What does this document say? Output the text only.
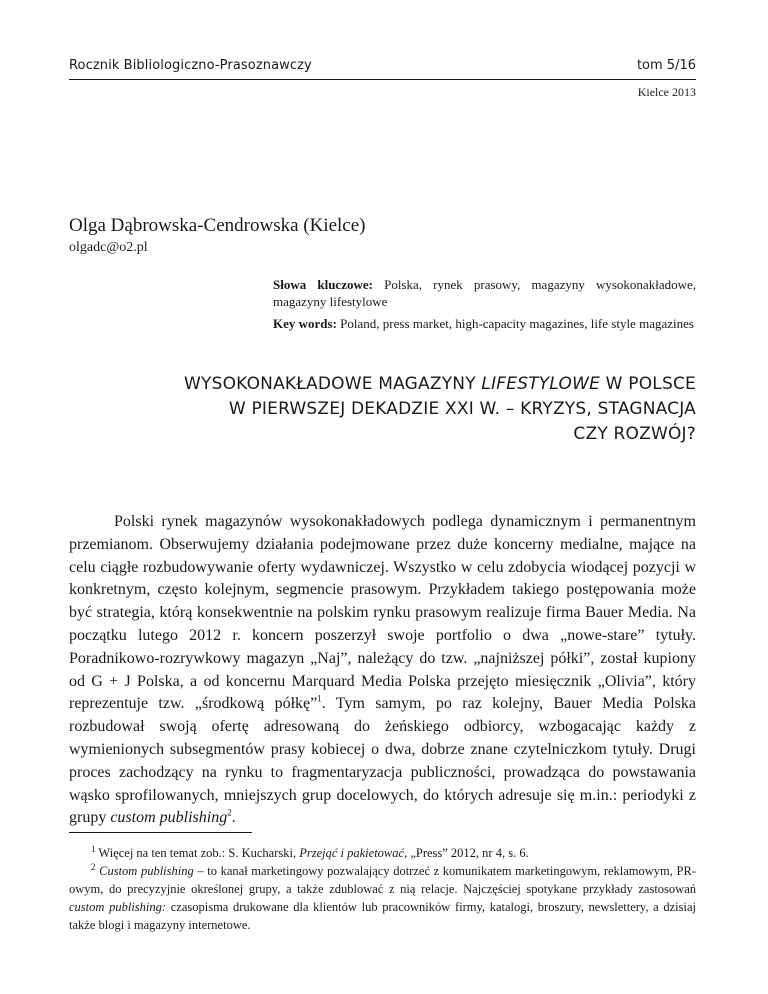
Rocznik Bibliologiczno-Prasoznawczy	tom 5/16
Kielce 2013
Olga Dąbrowska-Cendrowska (Kielce)
olgadc@o2.pl
Słowa kluczowe: Polska, rynek prasowy, magazyny wysokonakładowe, magazyny lifestylowe
Key words: Poland, press market, high-capacity magazines, life style magazines
WYSOKONAKŁADOWE MAGAZYNY LIFESTYLOWE W POLSCE
W PIERWSZEJ DEKADZIE XXI W. – KRYZYS, STAGNACJA
CZY ROZWÓJ?

Polski rynek magazynów wysokonakładowych podlega dynamicznym i permanentnym przemianom. Obserwujemy działania podejmowane przez duże koncerny medialne, mające na celu ciągłe rozbudowywanie oferty wydawniczej. Wszystko w celu zdobycia wiodącej pozycji w konkretnym, często kolejnym, segmencie prasowym. Przykładem takiego postępowania może być strategia, którą konsekwentnie na polskim rynku prasowym realizuje firma Bauer Media. Na początku lutego 2012 r. koncern poszerzył swoje portfolio o dwa „nowe-stare” tytuły. Poradnikowo-rozrywkowy magazyn „Naj”, należący do tzw. „najniższej półki”, został kupiony od G + J Polska, a od koncernu Marquard Media Polska przejęto miesięcznik „Olivia”, który reprezentuje tzw. „środkową półkę”$^1$. Tym samym, po raz kolejny, Bauer Media Polska rozbudował swoją ofertę adresowaną do żeńskiego odbiorcy, wzbogacając każdy z wymienionych subsegmentów prasy kobiecej o dwa, dobrze znane czytelniczkom tytuły. Drugi proces zachodzący na rynku to fragmentaryzacja publiczności, prowadząca do powstawania wąsko sprofilowanych, mniejszych grup docelowych, do których adresuje się m.in.: periodyki z grupy custom publishing$^2$.

$^1$ Więcej na ten temat zob.: S. Kucharski, Przejąć i pakietować, „Press” 2012, nr 4, s. 6.

$^2$ Custom publishing – to kanał marketingowy pozwalający dotrzeć z komunikatem marketingowym, reklamowym, PR-owym, do precyzyjnie określonej grupy, a także zdublować z nią relacje. Najczęściej spotykane przykłady zastosowań custom publishing: czasopisma drukowane dla klientów lub pracowników firmy, katalogi, broszury, newslettery, a dzisiaj także blogi i magazyny internetowe.
